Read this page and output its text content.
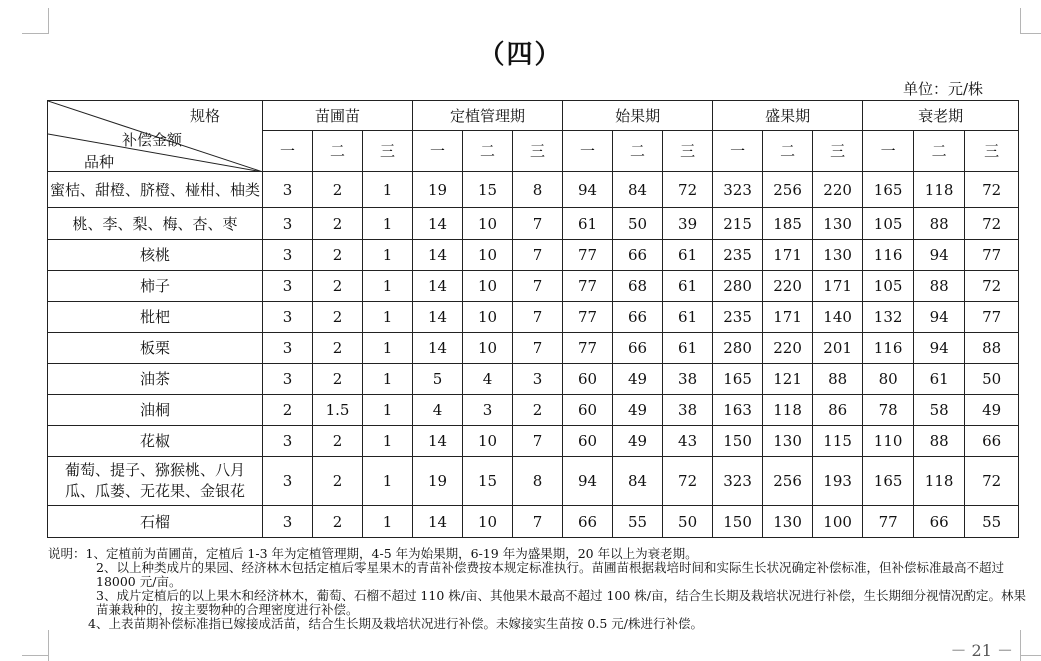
（四）
单位：元/株
规格
补偿金额
品种	苗圃苗			定植管理期			始果期			盛果期			衰老期		
	一	二	三	一	二	三	一	二	三	一	二	三	一	二	三
蜜桔、甜橙、脐橙、椪柑、柚类	3	2	1	19	15	8	94	84	72	323	256	220	165	118	72
桃、李、梨、梅、杏、枣	3	2	1	14	10	7	61	50	39	215	185	130	105	88	72
核桃	3	2	1	14	10	7	77	66	61	235	171	130	116	94	77
柿子	3	2	1	14	10	7	77	68	61	280	220	171	105	88	72
枇杷	3	2	1	14	10	7	77	66	61	235	171	140	132	94	77
板栗	3	2	1	14	10	7	77	66	61	280	220	201	116	94	88
油茶	3	2	1	5	4	3	60	49	38	165	121	88	80	61	50
油桐	2	1.5	1	4	3	2	60	49	38	163	118	86	78	58	49
花椒	3	2	1	14	10	7	60	49	43	150	130	115	110	88	66
葡萄、提子、猕猴桃、八月瓜、瓜蒌、无花果、金银花	3	2	1	19	15	8	94	84	72	323	256	193	165	118	72
石榴	3	2	1	14	10	7	66	55	50	150	130	100	77	66	55

说明：1、定植前为苗圃苗，定植后 1-3 年为定植管理期，4-5 年为始果期，6-19 年为盛果期，20 年以上为衰老期。

2、以上种类成片的果园、经济林木包括定植后零星果木的青苗补偿费按本规定标准执行。苗圃苗根据栽培时间和实际生长状况确定补偿标准，但补偿标准最高不超过 18000 元/亩。

3、成片定植后的以上果木和经济林木，葡萄、石榴不超过 110 株/亩、其他果木最高不超过 100 株/亩，结合生长期及栽培状况进行补偿，生长期细分视情况酌定。林果苗兼栽种的，按主要物种的合理密度进行补偿。

4、上表苗期补偿标准指已嫁接成活苗，结合生长期及栽培状况进行补偿。未嫁接实生苗按 0.5 元/株进行补偿。

－ 21 －
